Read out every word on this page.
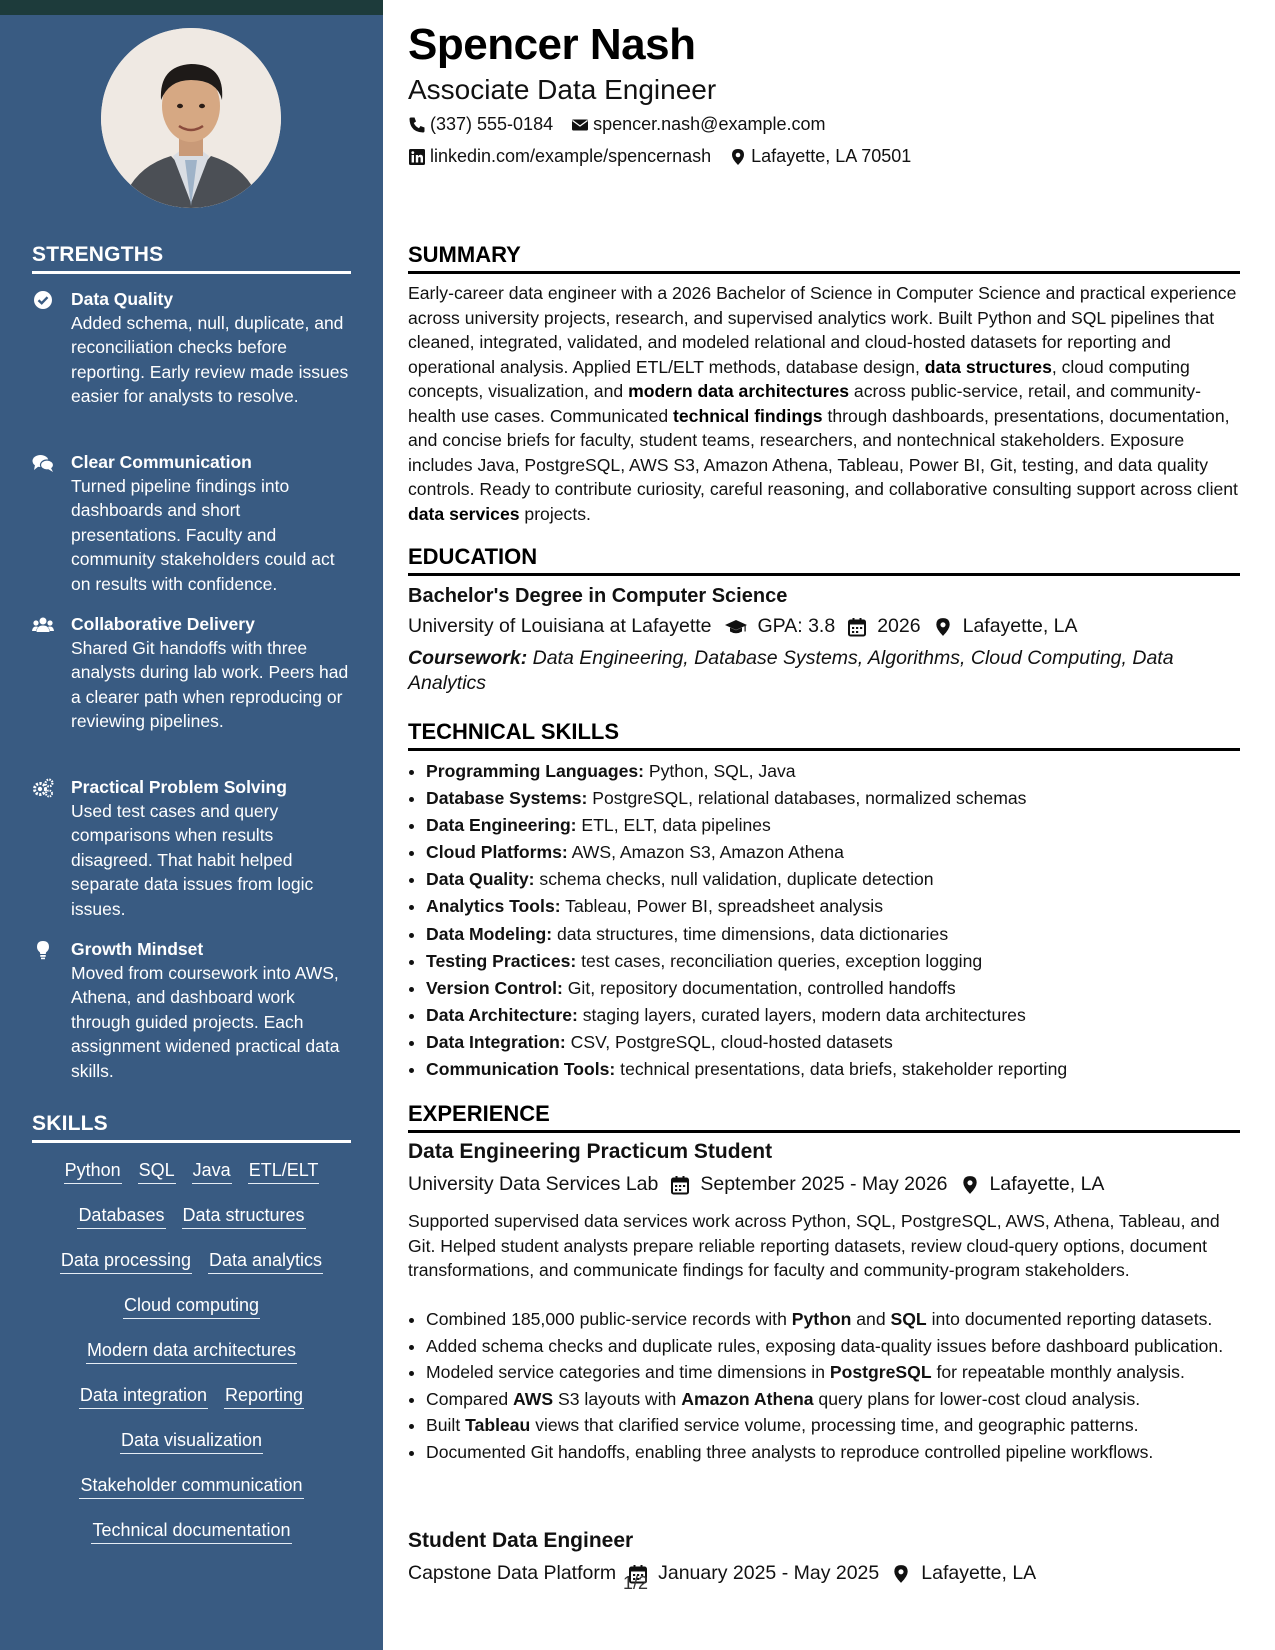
STRENGTHS
Data Quality
Added schema, null, duplicate, and reconciliation checks before reporting. Early review made issues easier for analysts to resolve.
Clear Communication
Turned pipeline findings into dashboards and short presentations. Faculty and community stakeholders could act on results with confidence.
Collaborative Delivery
Shared Git handoffs with three analysts during lab work. Peers had a clearer path when reproducing or reviewing pipelines.
Practical Problem Solving
Used test cases and query comparisons when results disagreed. That habit helped separate data issues from logic issues.
Growth Mindset
Moved from coursework into AWS, Athena, and dashboard work through guided projects. Each assignment widened practical data skills.
SKILLS
Python SQL Java ETL/ELT
Databases Data structures
Data processing Data analytics
Cloud computing
Modern data architectures
Data integration Reporting
Data visualization
Stakeholder communication
Technical documentation
Spencer Nash
Associate Data Engineer
(337) 555-0184 spencer.nash@example.com
linkedin.com/example/spencernash Lafayette, LA 70501
SUMMARY
Early-career data engineer with a 2026 Bachelor of Science in Computer Science and practical experience across university projects, research, and supervised analytics work. Built Python and SQL pipelines that cleaned, integrated, validated, and modeled relational and cloud-hosted datasets for reporting and operational analysis. Applied ETL/ELT methods, database design, data structures, cloud computing concepts, visualization, and modern data architectures across public-service, retail, and community-health use cases. Communicated technical findings through dashboards, presentations, documentation, and concise briefs for faculty, student teams, researchers, and nontechnical stakeholders. Exposure includes Java, PostgreSQL, AWS S3, Amazon Athena, Tableau, Power BI, Git, testing, and data quality controls. Ready to contribute curiosity, careful reasoning, and collaborative consulting support across client data services projects.
EDUCATION
Bachelor's Degree in Computer Science
University of Louisiana at Lafayette GPA: 3.8 2026 Lafayette, LA
Coursework: Data Engineering, Database Systems, Algorithms, Cloud Computing, Data Analytics
TECHNICAL SKILLS
• Programming Languages: Python, SQL, Java
• Database Systems: PostgreSQL, relational databases, normalized schemas
• Data Engineering: ETL, ELT, data pipelines
• Cloud Platforms: AWS, Amazon S3, Amazon Athena
• Data Quality: schema checks, null validation, duplicate detection
• Analytics Tools: Tableau, Power BI, spreadsheet analysis
• Data Modeling: data structures, time dimensions, data dictionaries
• Testing Practices: test cases, reconciliation queries, exception logging
• Version Control: Git, repository documentation, controlled handoffs
• Data Architecture: staging layers, curated layers, modern data architectures
• Data Integration: CSV, PostgreSQL, cloud-hosted datasets
• Communication Tools: technical presentations, data briefs, stakeholder reporting
EXPERIENCE
Data Engineering Practicum Student
University Data Services Lab September 2025 - May 2026 Lafayette, LA
Supported supervised data services work across Python, SQL, PostgreSQL, AWS, Athena, Tableau, and Git. Helped student analysts prepare reliable reporting datasets, review cloud-query options, document transformations, and communicate findings for faculty and community-program stakeholders.
• Combined 185,000 public-service records with Python and SQL into documented reporting datasets.
• Added schema checks and duplicate rules, exposing data-quality issues before dashboard publication.
• Modeled service categories and time dimensions in PostgreSQL for repeatable monthly analysis.
• Compared AWS S3 layouts with Amazon Athena query plans for lower-cost cloud analysis.
• Built Tableau views that clarified service volume, processing time, and geographic patterns.
• Documented Git handoffs, enabling three analysts to reproduce controlled pipeline workflows.
Student Data Engineer
Capstone Data Platform January 2025 - May 2025 Lafayette, LA
1/2
